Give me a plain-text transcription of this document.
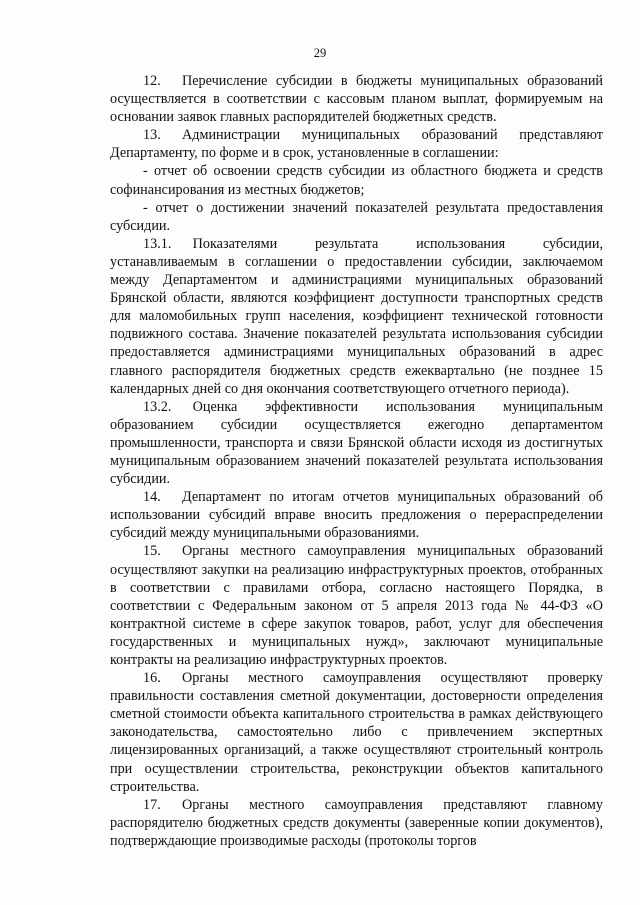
29

12.  Перечисление субсидии в бюджеты муниципальных образований осуществляется в соответствии с кассовым планом выплат, формируемым на основании заявок главных распорядителей бюджетных средств.

13.  Администрации муниципальных образований представляют Департаменту, по форме и в срок, установленные в соглашении:

- отчет об освоении средств субсидии из областного бюджета и средств софинансирования из местных бюджетов;

- отчет о достижении значений показателей результата предоставления субсидии.

13.1.  Показателями результата использования субсидии, устанавливаемым в соглашении о предоставлении субсидии, заключаемом между Департаментом и администрациями муниципальных образований Брянской области, являются коэффициент доступности транспортных средств для маломобильных групп населения, коэффициент технической готовности подвижного состава. Значение показателей результата использования субсидии предоставляется администрациями муниципальных образований в адрес главного распорядителя бюджетных средств ежеквартально (не позднее 15 календарных дней со дня окончания соответствующего отчетного периода).

13.2.  Оценка эффективности использования муниципальным образованием субсидии осуществляется ежегодно департаментом промышленности, транспорта и связи Брянской области исходя из достигнутых муниципальным образованием значений показателей результата использования субсидии.

14.  Департамент по итогам отчетов муниципальных образований об использовании субсидий вправе вносить предложения о перераспределении субсидий между муниципальными образованиями.

15.  Органы местного самоуправления муниципальных образований осуществляют закупки на реализацию инфраструктурных проектов, отобранных в соответствии с правилами отбора, согласно настоящего Порядка, в соответствии с Федеральным законом от 5 апреля 2013 года № 44-ФЗ «О контрактной системе в сфере закупок товаров, работ, услуг для обеспечения государственных и муниципальных нужд», заключают муниципальные контракты на реализацию инфраструктурных проектов.

16.  Органы местного самоуправления осуществляют проверку правильности составления сметной документации, достоверности определения сметной стоимости объекта капитального строительства в рамках действующего законодательства, самостоятельно либо с привлечением экспертных лицензированных организаций, а также осуществляют строительный контроль при осуществлении строительства, реконструкции объектов капитального строительства.

17.  Органы местного самоуправления представляют главному распорядителю бюджетных средств документы (заверенные копии документов), подтверждающие производимые расходы (протоколы торгов
